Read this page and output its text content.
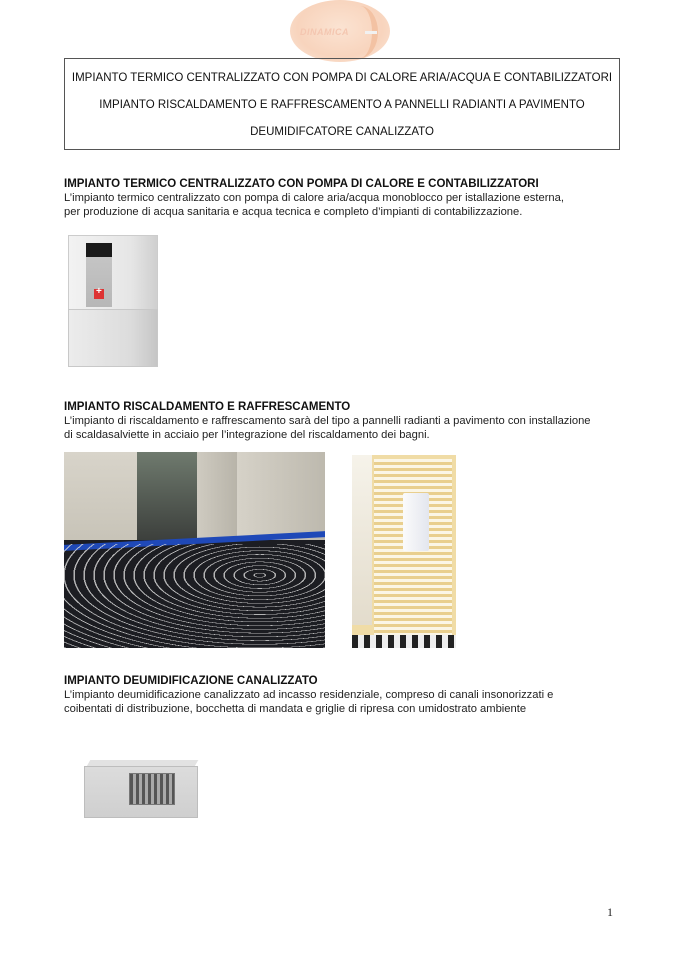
DINAMICA
IMPIANTO TERMICO CENTRALIZZATO CON POMPA DI CALORE ARIA/ACQUA E CONTABILIZZATORI
IMPIANTO RISCALDAMENTO E RAFFRESCAMENTO A PANNELLI RADIANTI A PAVIMENTO
DEUMIDIFCATORE CANALIZZATO
IMPIANTO TERMICO CENTRALIZZATO CON POMPA DI CALORE E CONTABILIZZATORI
L’impianto termico centralizzato con pompa di calore aria/acqua monoblocco per istallazione esterna,
per produzione di acqua sanitaria e acqua tecnica e completo d’impianti di contabilizzazione.
+
IMPIANTO RISCALDAMENTO E RAFFRESCAMENTO
L’impianto di riscaldamento e raffrescamento sarà del tipo a pannelli radianti a pavimento con installazione
di scaldasalviette in acciaio per l’integrazione del riscaldamento dei bagni.
IMPIANTO DEUMIDIFICAZIONE CANALIZZATO
L’impianto deumidificazione canalizzato ad incasso residenziale, compreso di canali insonorizzati e
coibentati di distribuzione, bocchetta di mandata e griglie di ripresa con umidostrato ambiente
1
